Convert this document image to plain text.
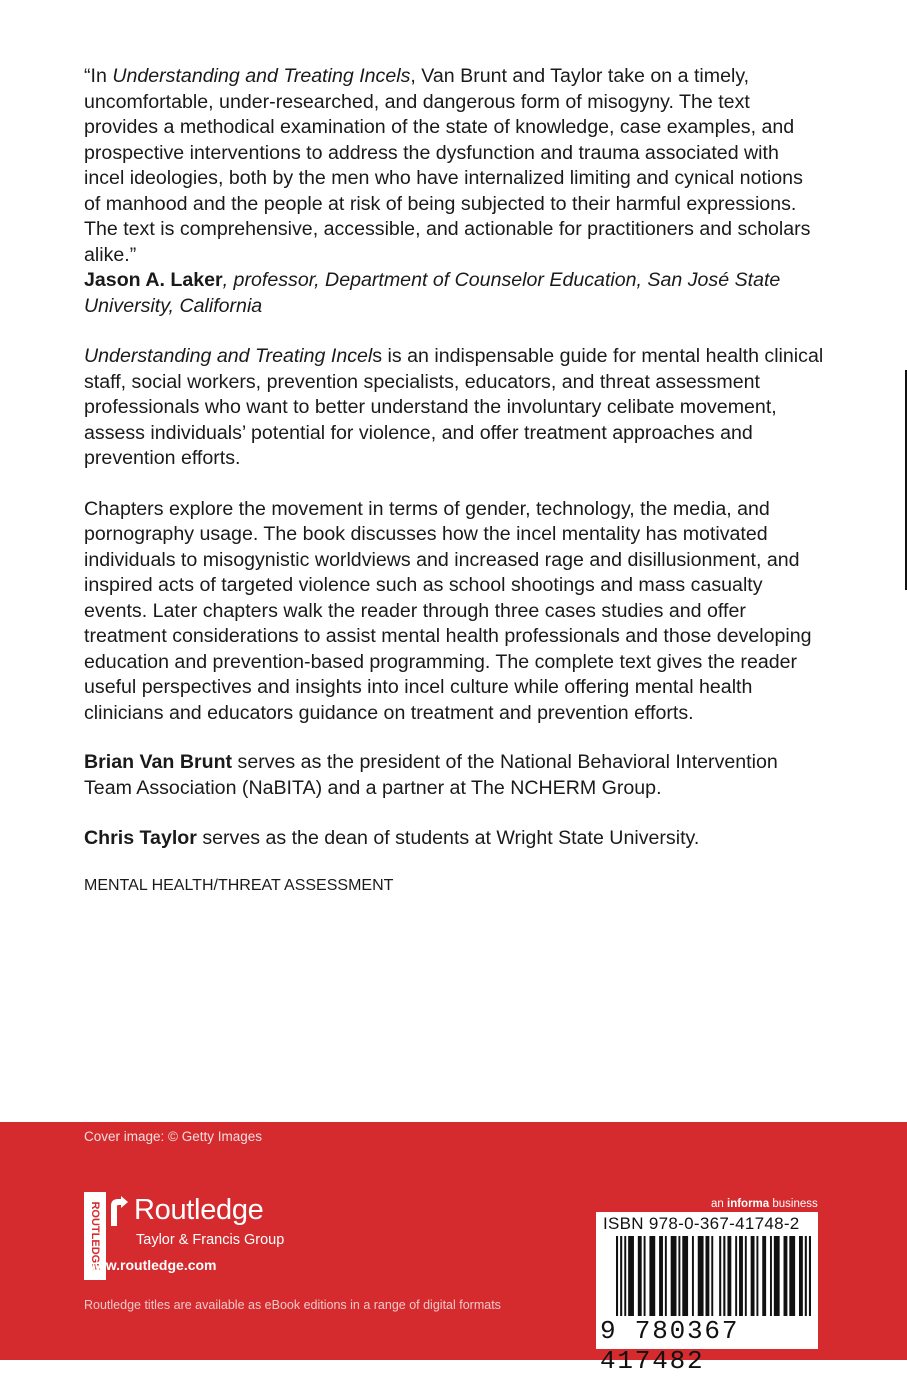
“In Understanding and Treating Incels, Van Brunt and Taylor take on a timely, uncomfortable, under-researched, and dangerous form of misogyny. The text provides a methodical examination of the state of knowledge, case examples, and prospective interventions to address the dysfunction and trauma associated with incel ideologies, both by the men who have internalized limiting and cynical notions of manhood and the people at risk of being subjected to their harmful expressions. The text is comprehensive, accessible, and actionable for practitioners and scholars alike.”

Jason A. Laker, professor, Department of Counselor Education, San José State University, California

Understanding and Treating Incels is an indispensable guide for mental health clinical staff, social workers, prevention specialists, educators, and threat assessment professionals who want to better understand the involuntary celibate movement, assess individuals’ potential for violence, and offer treatment approaches and prevention efforts.

Chapters explore the movement in terms of gender, technology, the media, and pornography usage. The book discusses how the incel mentality has motivated individuals to misogynistic worldviews and increased rage and disillusionment, and inspired acts of targeted violence such as school shootings and mass casualty events. Later chapters walk the reader through three cases studies and offer treatment considerations to assist mental health professionals and those developing education and prevention-based programming. The complete text gives the reader useful perspectives and insights into incel culture while offering mental health clinicians and educators guidance on treatment and prevention efforts.

Brian Van Brunt serves as the president of the National Behavioral Intervention Team Association (NaBITA) and a partner at The NCHERM Group.

Chris Taylor serves as the dean of students at Wright State University.

MENTAL HEALTH/THREAT ASSESSMENT

Cover image: © Getty Images
ROUTLEDGE Routledge
Taylor & Francis Group
www.routledge.com
Routledge titles are available as eBook editions in a range of digital formats
an informa business
ISBN 978-0-367-41748-2
9 780367 417482
